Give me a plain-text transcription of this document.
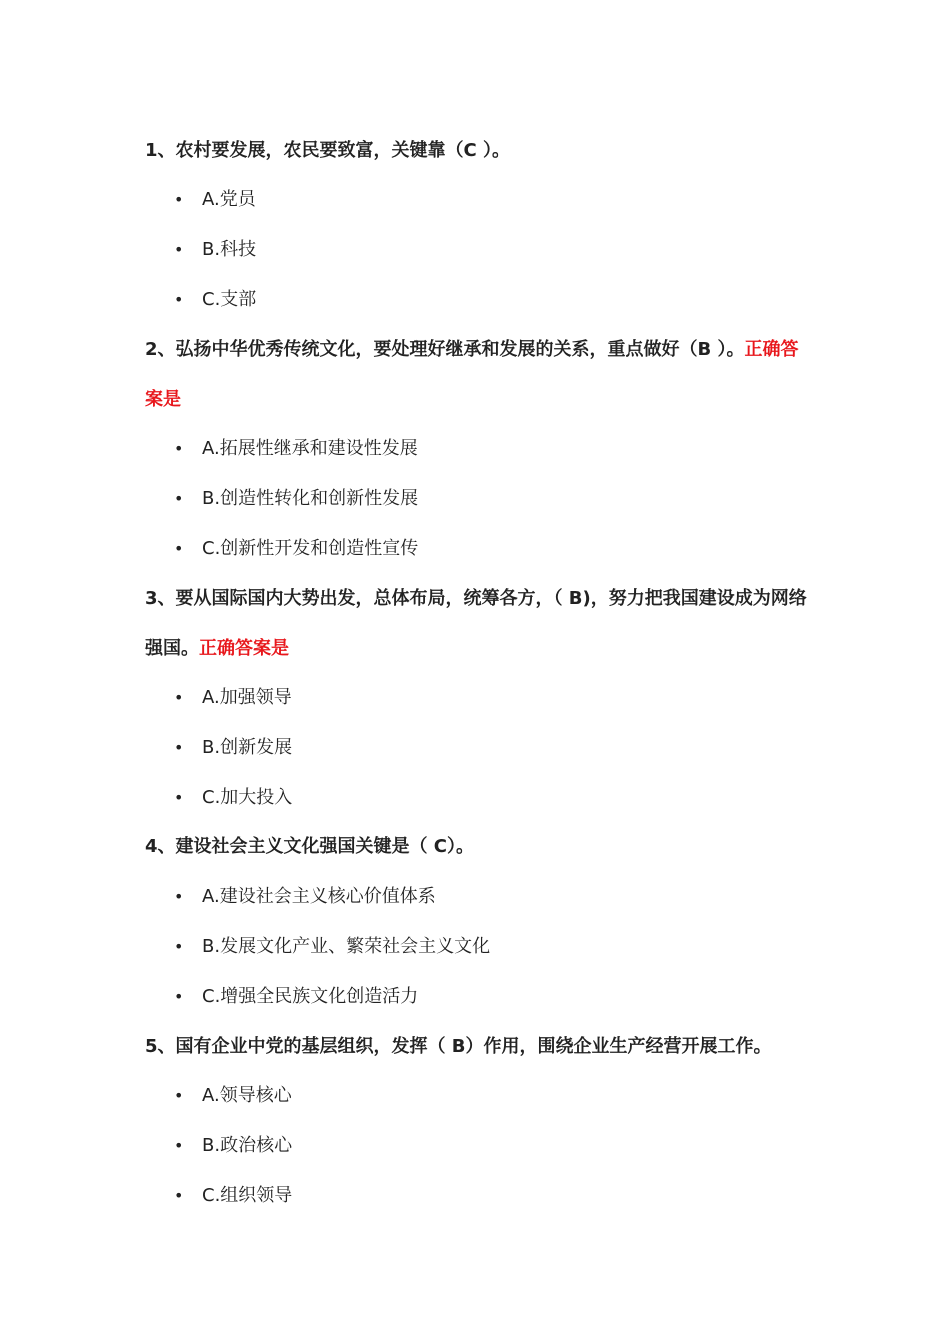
1、农村要发展，农民要致富，关键靠（C ）。

• A.党员
• B.科技
• C.支部

2、弘扬中华优秀传统文化，要处理好继承和发展的关系，重点做好（B ）。正确答案是

• A.拓展性继承和建设性发展
• B.创造性转化和创新性发展
• C.创新性开发和创造性宣传

3、要从国际国内大势出发，总体布局，统筹各方，（ B)，努力把我国建设成为网络强国。正确答案是

• A.加强领导
• B.创新发展
• C.加大投入

4、建设社会主义文化强国关键是（ C）。

• A.建设社会主义核心价值体系
• B.发展文化产业、繁荣社会主义文化
• C.增强全民族文化创造活力

5、国有企业中党的基层组织，发挥（ B）作用，围绕企业生产经营开展工作。

• A.领导核心
• B.政治核心
• C.组织领导
